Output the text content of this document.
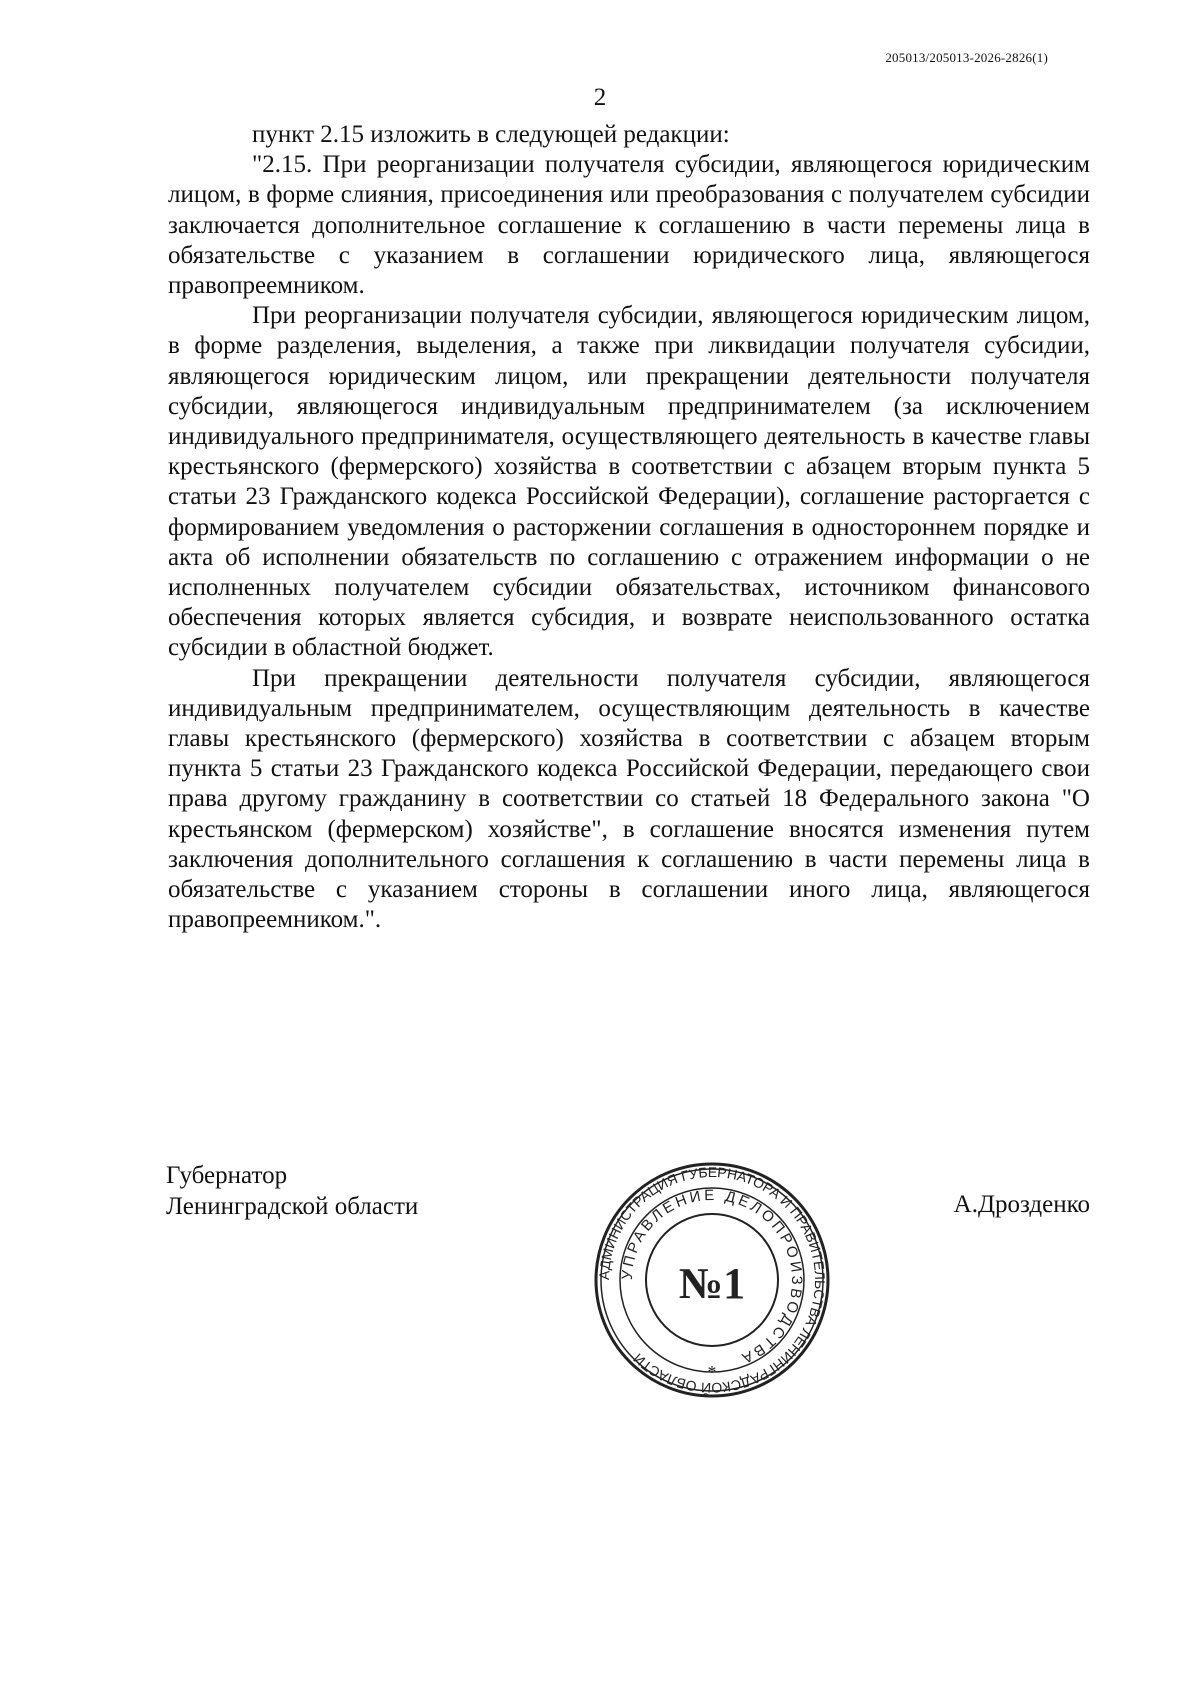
205013/205013-2026-2826(1)
2

пункт 2.15 изложить в следующей редакции:

"2.15. При реорганизации получателя субсидии, являющегося юридическим лицом, в форме слияния, присоединения или преобразования с получателем субсидии заключается дополнительное соглашение к соглашению в части перемены лица в обязательстве с указанием в соглашении юридического лица, являющегося правопреемником.

При реорганизации получателя субсидии, являющегося юридическим лицом, в форме разделения, выделения, а также при ликвидации получателя субсидии, являющегося юридическим лицом, или прекращении деятельности получателя субсидии, являющегося индивидуальным предпринимателем (за исключением индивидуального предпринимателя, осуществляющего деятельность в качестве главы крестьянского (фермерского) хозяйства в соответствии с абзацем вторым пункта 5 статьи 23 Гражданского кодекса Российской Федерации), соглашение расторгается с формированием уведомления о расторжении соглашения в одностороннем порядке и акта об исполнении обязательств по соглашению с отражением информации о не исполненных получателем субсидии обязательствах, источником финансового обеспечения которых является субсидия, и возврате неиспользованного остатка субсидии в областной бюджет.

При прекращении деятельности получателя субсидии, являющегося индивидуальным предпринимателем, осуществляющим деятельность в качестве главы крестьянского (фермерского) хозяйства в соответствии с абзацем вторым пункта 5 статьи 23 Гражданского кодекса Российской Федерации, передающего свои права другому гражданину в соответствии со статьей 18 Федерального закона "О крестьянском (фермерском) хозяйстве", в соглашение вносятся изменения путем заключения дополнительного соглашения к соглашению в части перемены лица в обязательстве с указанием стороны в соглашении иного лица, являющегося правопреемником.".

Губернатор
Ленинградской области	А.Дрозденко
АДМИНИСТРАЦИЯ ГУБЕРНАТОРА И ПРАВИТЕЛЬСТВА ЛЕНИНГРАДСКОЙ ОБЛАСТИ
УПРАВЛЕНИЕ ДЕЛОПРОИЗВОДСТВА
№1
*
